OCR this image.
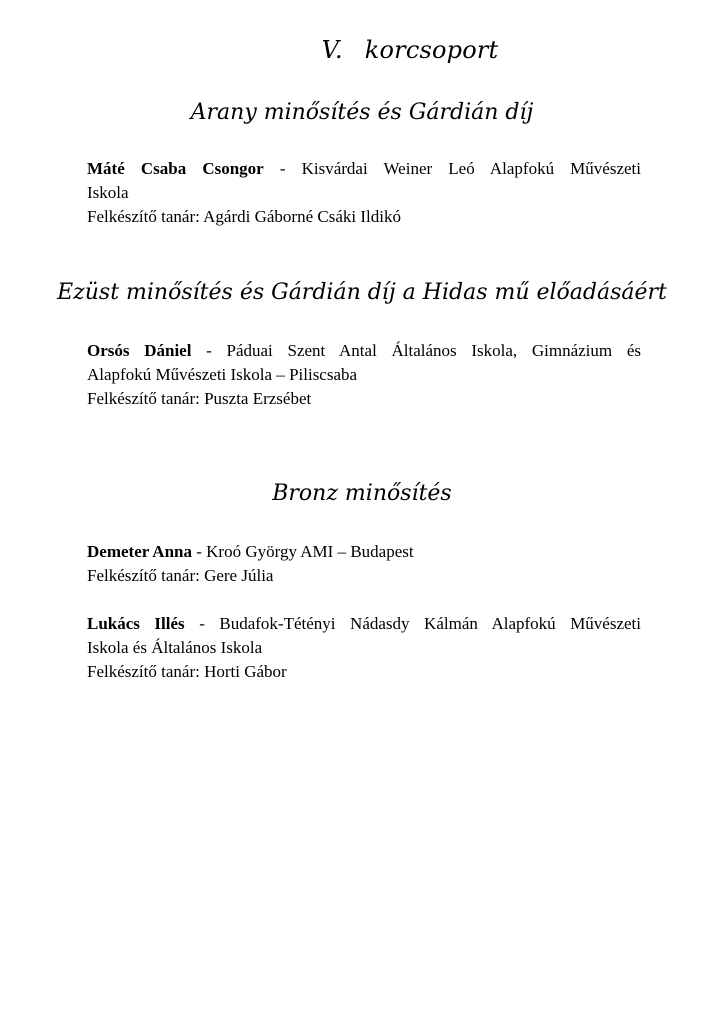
V. korcsoport
Arany minősítés és Gárdián díj
Máté Csaba Csongor - Kisvárdai Weiner Leó Alapfokú Művészeti
Iskola
Felkészítő tanár: Agárdi Gáborné Csáki Ildikó
Ezüst minősítés és Gárdián díj a Hidas mű előadásáért
Orsós Dániel - Páduai Szent Antal Általános Iskola, Gimnázium és
Alapfokú Művészeti Iskola – Piliscsaba
Felkészítő tanár: Puszta Erzsébet
Bronz minősítés
Demeter Anna - Kroó György AMI – Budapest
Felkészítő tanár: Gere Júlia
Lukács Illés - Budafok-Tétényi Nádasdy Kálmán Alapfokú Művészeti
Iskola és Általános Iskola
Felkészítő tanár: Horti Gábor
